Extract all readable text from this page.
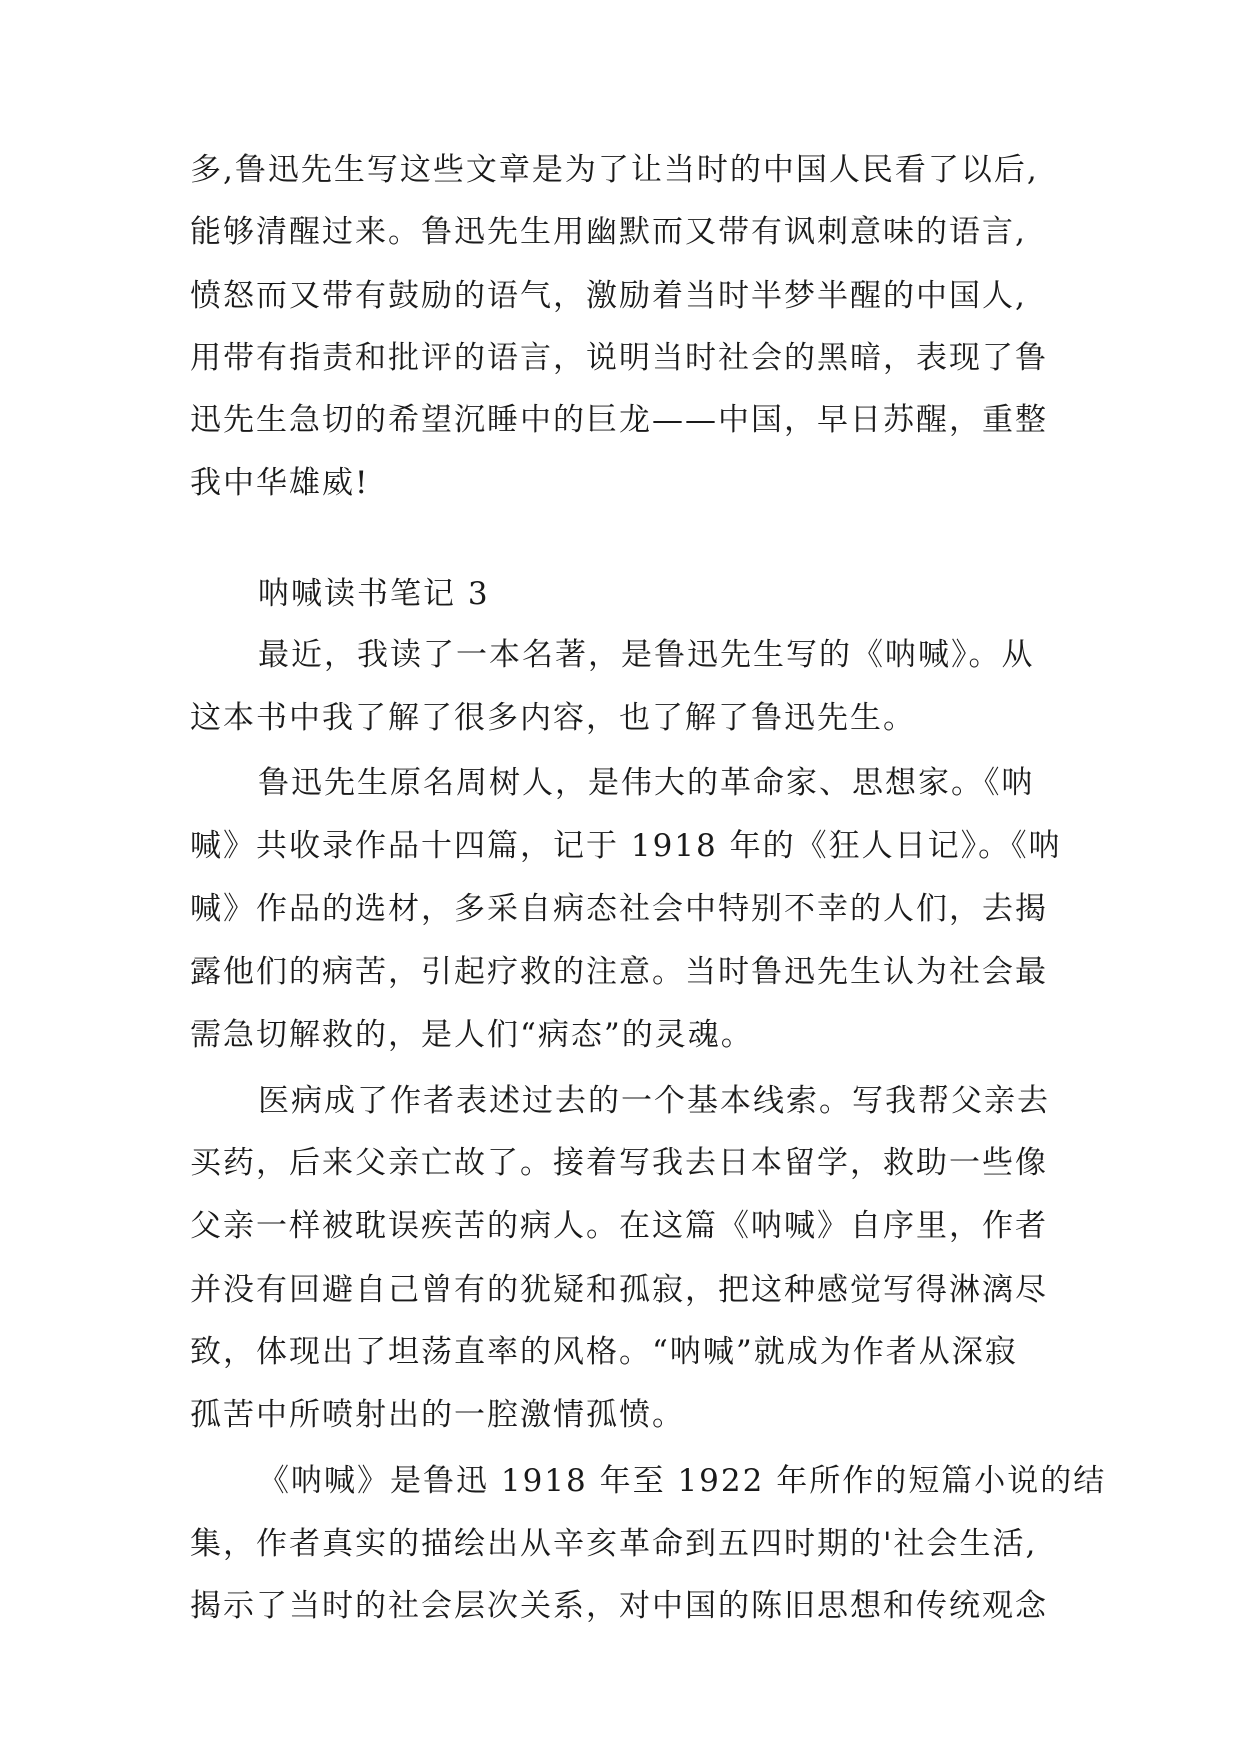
多,鲁迅先生写这些文章是为了让当时的中国人民看了以后,
能够清醒过来。鲁迅先生用幽默而又带有讽刺意味的语言,
愤怒而又带有鼓励的语气，激励着当时半梦半醒的中国人,
用带有指责和批评的语言，说明当时社会的黑暗，表现了鲁
迅先生急切的希望沉睡中的巨龙——中国，早日苏醒，重整
我中华雄威!
呐喊读书笔记 3
最近，我读了一本名著，是鲁迅先生写的《呐喊》。从
这本书中我了解了很多内容，也了解了鲁迅先生。
鲁迅先生原名周树人，是伟大的革命家、思想家。《呐
喊》共收录作品十四篇，记于 1918 年的《狂人日记》。《呐
喊》作品的选材，多采自病态社会中特别不幸的人们，去揭
露他们的病苦，引起疗救的注意。当时鲁迅先生认为社会最
需急切解救的，是人们“病态”的灵魂。
医病成了作者表述过去的一个基本线索。写我帮父亲去
买药，后来父亲亡故了。接着写我去日本留学，救助一些像
父亲一样被耽误疾苦的病人。在这篇《呐喊》自序里，作者
并没有回避自己曾有的犹疑和孤寂，把这种感觉写得淋漓尽
致，体现出了坦荡直率的风格。“呐喊”就成为作者从深寂
孤苦中所喷射出的一腔激情孤愤。
《呐喊》是鲁迅 1918 年至 1922 年所作的短篇小说的结
集，作者真实的描绘出从辛亥革命到五四时期的'社会生活,
揭示了当时的社会层次关系，对中国的陈旧思想和传统观念
